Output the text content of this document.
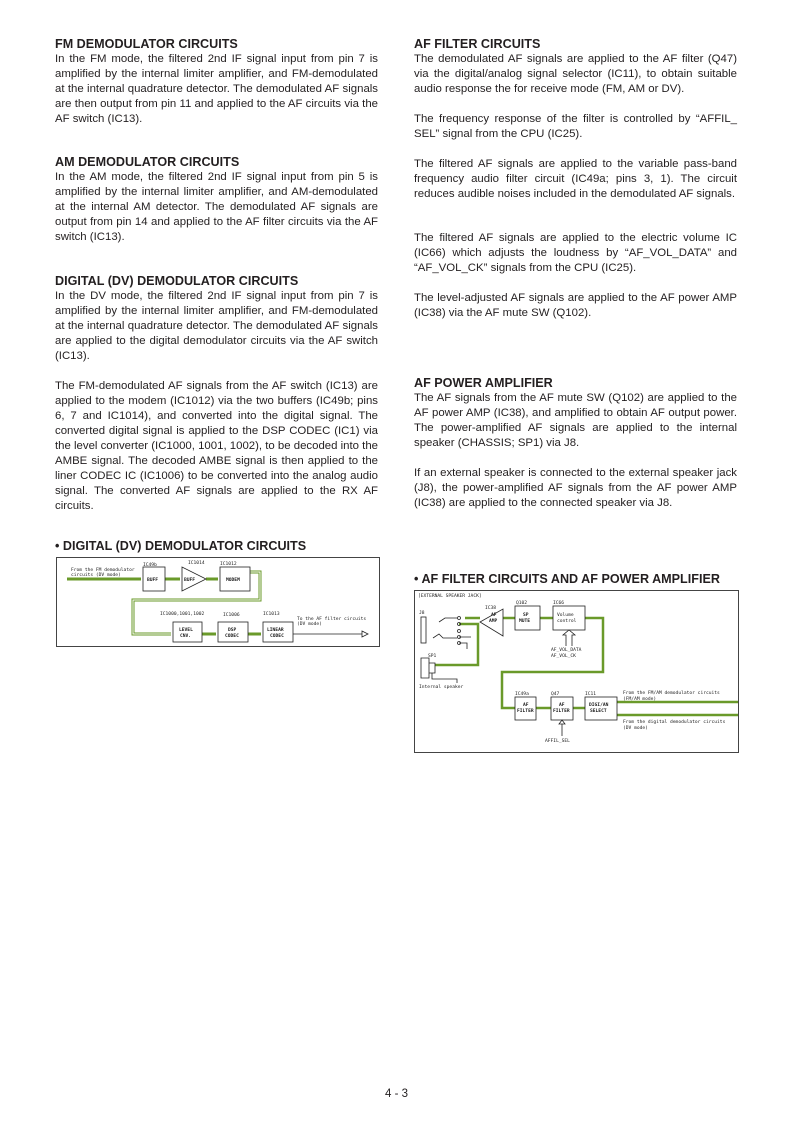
FM DEMODULATOR CIRCUITS

In the FM mode, the filtered 2nd IF signal input from pin 7 is amplified by the internal limiter amplifier, and FM-demodulated at the internal quadrature detector. The demodulated AF signals are then output from pin 11 and applied to the AF circuits via the AF switch (IC13).

AM DEMODULATOR CIRCUITS

In the AM mode, the filtered 2nd IF signal input from pin 5 is amplified by the internal limiter amplifier, and AM-demodulated at the internal AM detector. The demodulated AF signals are output from pin 14 and applied to the AF filter circuits via the AF switch (IC13).

DIGITAL (DV) DEMODULATOR CIRCUITS

In the DV mode, the filtered 2nd IF signal input from pin 7 is amplified by the internal limiter amplifier, and FM-demodulated at the internal quadrature detector. The demodulated AF signals are applied to the digital demodulator circuits via the AF switch (IC13).

The FM-demodulated AF signals from the AF switch (IC13) are applied to the modem (IC1012) via the two buffers (IC49b; pins 6, 7 and IC1014), and converted into the digital signal. The converted digital signal is applied to the DSP CODEC (IC1) via the level converter (IC1000, 1001, 1002), to be decoded into the AMBE signal. The decoded AMBE signal is then applied to the liner CODEC IC (IC1006) to be converted into the analog audio signal. The converted AF signals are applied to the RX AF circuits.

AF FILTER CIRCUITS

The demodulated AF signals are applied to the AF filter (Q47) via the digital/analog signal selector (IC11), to obtain suitable audio response the for receive mode (FM, AM or DV).

The frequency response of the filter is controlled by “AFFIL_ SEL” signal from the CPU (IC25).

The filtered AF signals are applied to the variable pass-band frequency audio filter circuit (IC49a; pins 3, 1). The circuit reduces audible noises included in the demodulated AF signals.

The filtered AF signals are applied to the electric volume IC (IC66) which adjusts the loudness by “AF_VOL_DATA” and “AF_VOL_CK” signals from the CPU (IC25).

The level-adjusted AF signals are applied to the AF power AMP (IC38) via the AF mute SW (Q102).

AF POWER AMPLIFIER

The AF signals from the AF mute SW (Q102) are applied to the AF power AMP (IC38), and amplified to obtain AF output power. The power-amplified AF signals are applied to the internal speaker (CHASSIS; SP1) via J8.

If an external speaker is connected to the external speaker jack (J8), the power-amplified AF signals from the AF power AMP (IC38) are applied to the connected speaker via J8.

• DIGITAL (DV) DEMODULATOR CIRCUITS

From the FM demodulator
circuits (DV mode)
IC49b
BUFF
IC1014
BUFF
IC1012
MODEM
IC1000,1001,1002
LEVEL
CNV.
IC1006
DSP
CODEC
IC1013
LINEAR
CODEC
To the AF filter circuits
(DV mode)

• AF FILTER CIRCUITS AND AF POWER AMPLIFIER

[EXTERNAL SPEAKER JACK]
J8
IC38
AF
AMP
Q102
SP
MUTE
IC66
Volume
control
AF_VOL_DATA
AF_VOL_CK
SP1
Internal speaker
IC49a
AF
FILTER
Q47
AF
FILTER
IC11
DIGI/AN
SELECT
From the FM/AM demodulator circuits
(FM/AM mode)
From the digital demodulator circuits
(DV mode)
AFFIL_SEL
4 - 3
